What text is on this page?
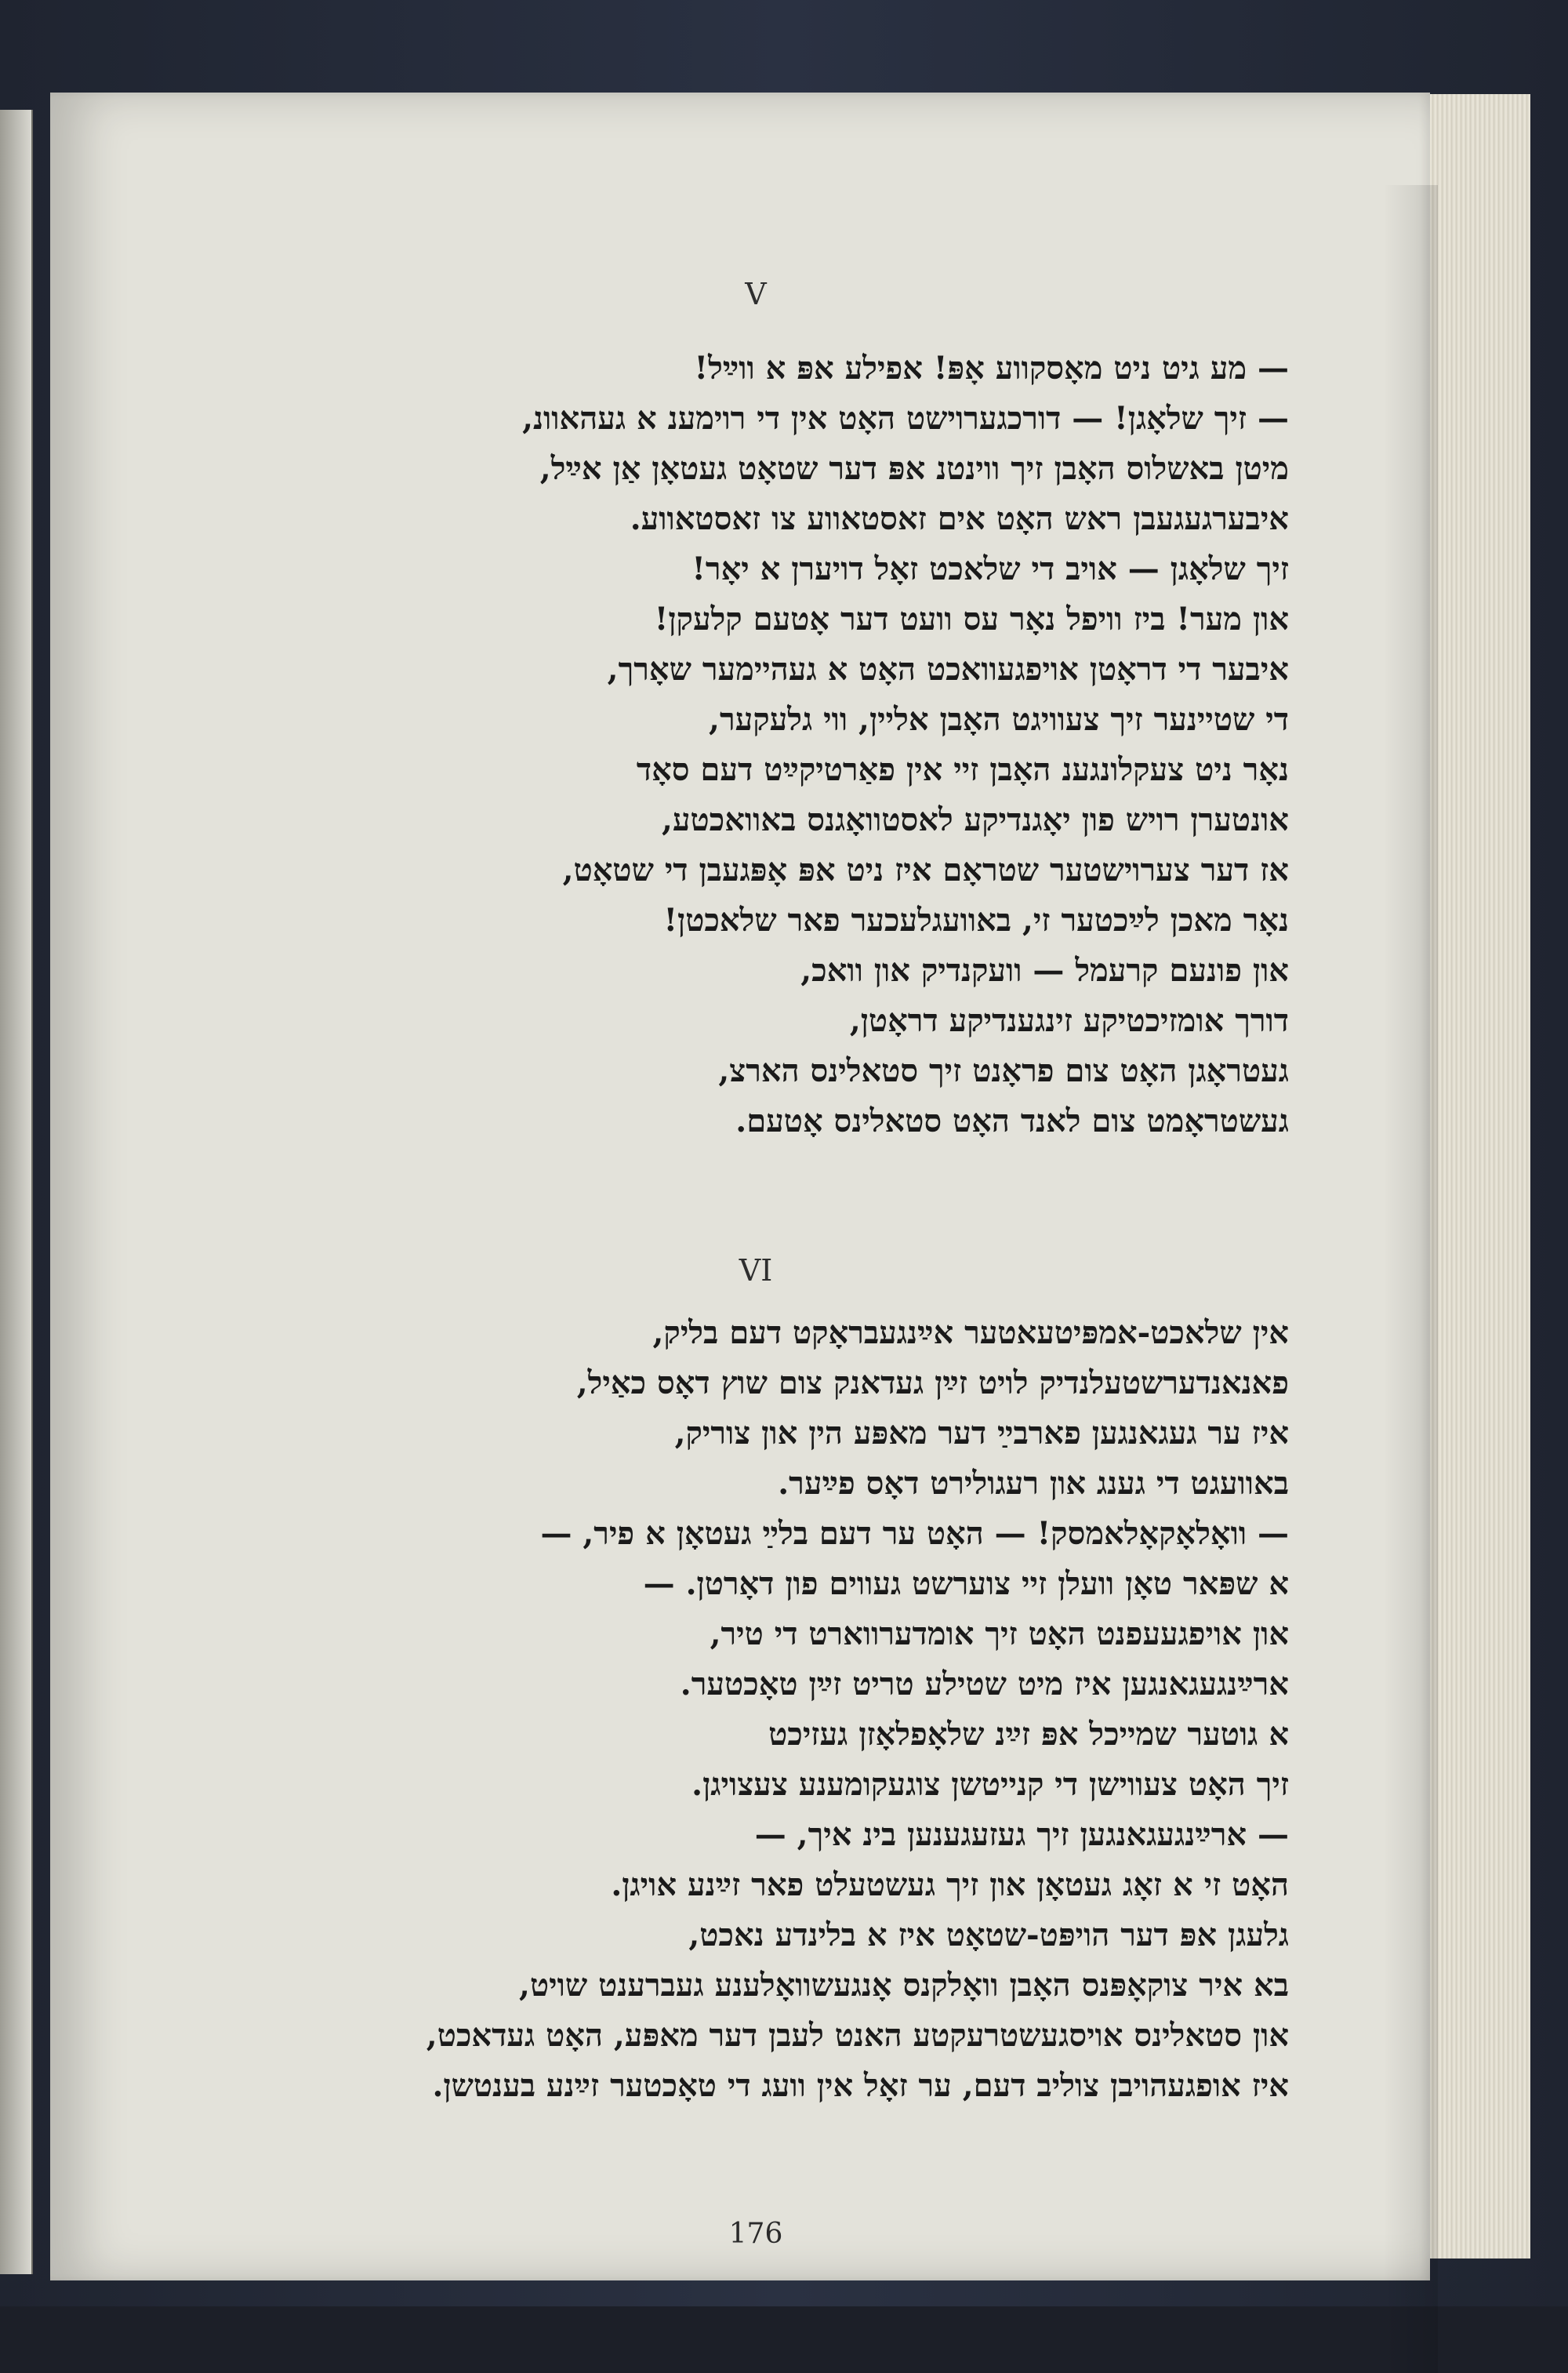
V
— מע גיט ניט מאָסקווע אָפּ! אפילע אפּ א ווײַל!
— זיך שלאָגן! — דורכגערוישט האָט אין די רוימענ א געהאוונ,
מיטן באשלוס האָבן זיך ווינטנ אפּ דער שטאָט געטאָן אַן אײַל,
איבערגעגעבן ראש האָט אים זאסטאווע צו זאסטאווע.
זיך שלאָגן — אויב די שלאכט זאָל דויערן א יאָר!
און מער! ביז וויפל נאָר עס וועט דער אָטעם קלעקן!
איבער די דראָטן אויפגעוואכט האָט א געהיימער שאָרך,
די שטיינער זיך צעוויגט האָבן אליין, ווי גלעקער,
נאָר ניט צעקלונגענ האָבן זיי אין פאַרטיקײַט דעם סאָד
אונטערן רויש פון יאָגנדיקע לאסטוואָגנס באוואכטע,
אז דער צערוישטער שטראָם איז ניט אפּ אָפּגעבן די שטאָט,
נאָר מאכן לײַכטער זי, באוועגלעכער פאר שלאכטן!
און פונעם קרעמל — וועקנדיק און וואכ,
דורך אומזיכטיקע זינגענדיקע דראָטן,
געטראָגן האָט צום פראָנט זיך סטאלינס הארצ,
געשטראָמט צום לאנד האָט סטאלינס אָטעם.
VI
אין שלאכט-אמפּיטעאטער אײַנגעבראָקט דעם בליק,
פאנאנדערשטעלנדיק לויט זײַן געדאנק צום שוץ דאָס כאַיל,
איז ער געגאנגען פארבײַ דער מאפּע הין און צוריק,
באוועגט די גענג און רעגולירט דאָס פײַער.
— וואָלאָקאָלאמסק! — האָט ער דעם בלײַ געטאָן א פיר, —
א שפּאר טאָן וועלן זיי צוערשט געווים פון דאָרטן. —
און אויפגעעפנט האָט זיך אומדערווארט די טיר,
ארײַנגעגאנגען איז מיט שטילע טריט זײַן טאָכטער.
א גוטער שמייכל אפּ זײַנ שלאָפלאָזן געזיכט
זיך האָט צעווישן די קנייטשן צוגעקומענע צעצויגן.
— ארײַנגעגאנגען זיך געזעגענען בינ איך, —
האָט זי א זאָג געטאָן און זיך געשטעלט פאר זײַנע אויגן.
גלעגן אפּ דער הויפּט-שטאָט איז א בלינדע נאכט,
בא איר צוקאָפּנס האָבן וואָלקנס אָנגעשוואָלענע געברענט שויט,
און סטאלינס אויסגעשטרעקטע האנט לעבן דער מאפּע, האָט געדאכט,
איז אופגעהויבן צוליב דעם, ער זאָל אין וועג די טאָכטער זײַנע בענטשן.
176
